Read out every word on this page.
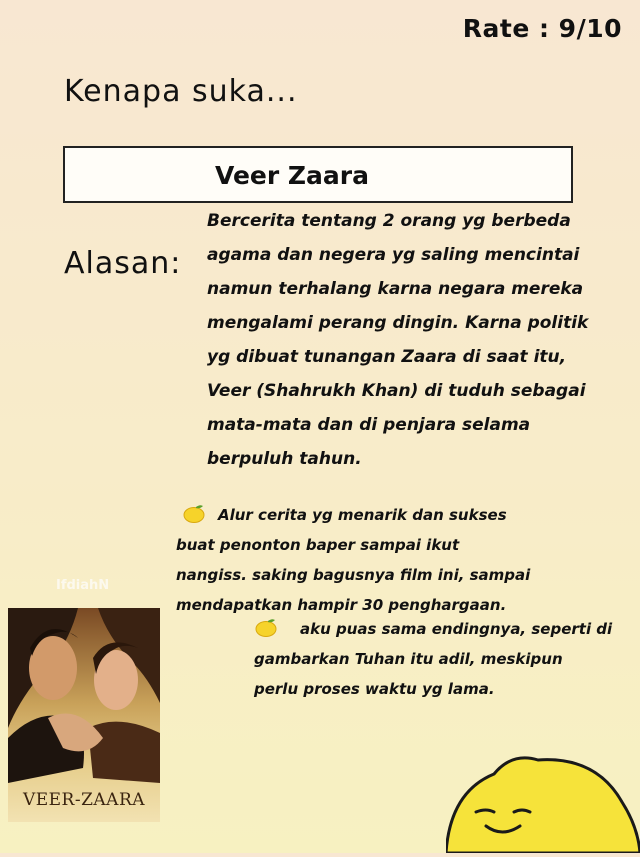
Rate : 9/10
Kenapa suka...
Veer Zaara
Alasan:
Bercerita tentang 2 orang yg berbeda
agama dan negera yg saling mencintai
namun terhalang karna negara mereka
mengalami perang dingin. Karna politik
yg dibuat tunangan Zaara di saat itu,
Veer (Shahrukh Khan) di tuduh sebagai
mata-mata dan di penjara selama
berpuluh tahun.
Alur cerita yg menarik dan sukses
buat penonton baper sampai ikut
nangiss. saking bagusnya film ini, sampai
mendapatkan hampir 30 penghargaan.
aku puas sama endingnya, seperti di
gambarkan Tuhan itu adil, meskipun
perlu proses waktu yg lama.
IfdiahN
VEER-ZAARA
